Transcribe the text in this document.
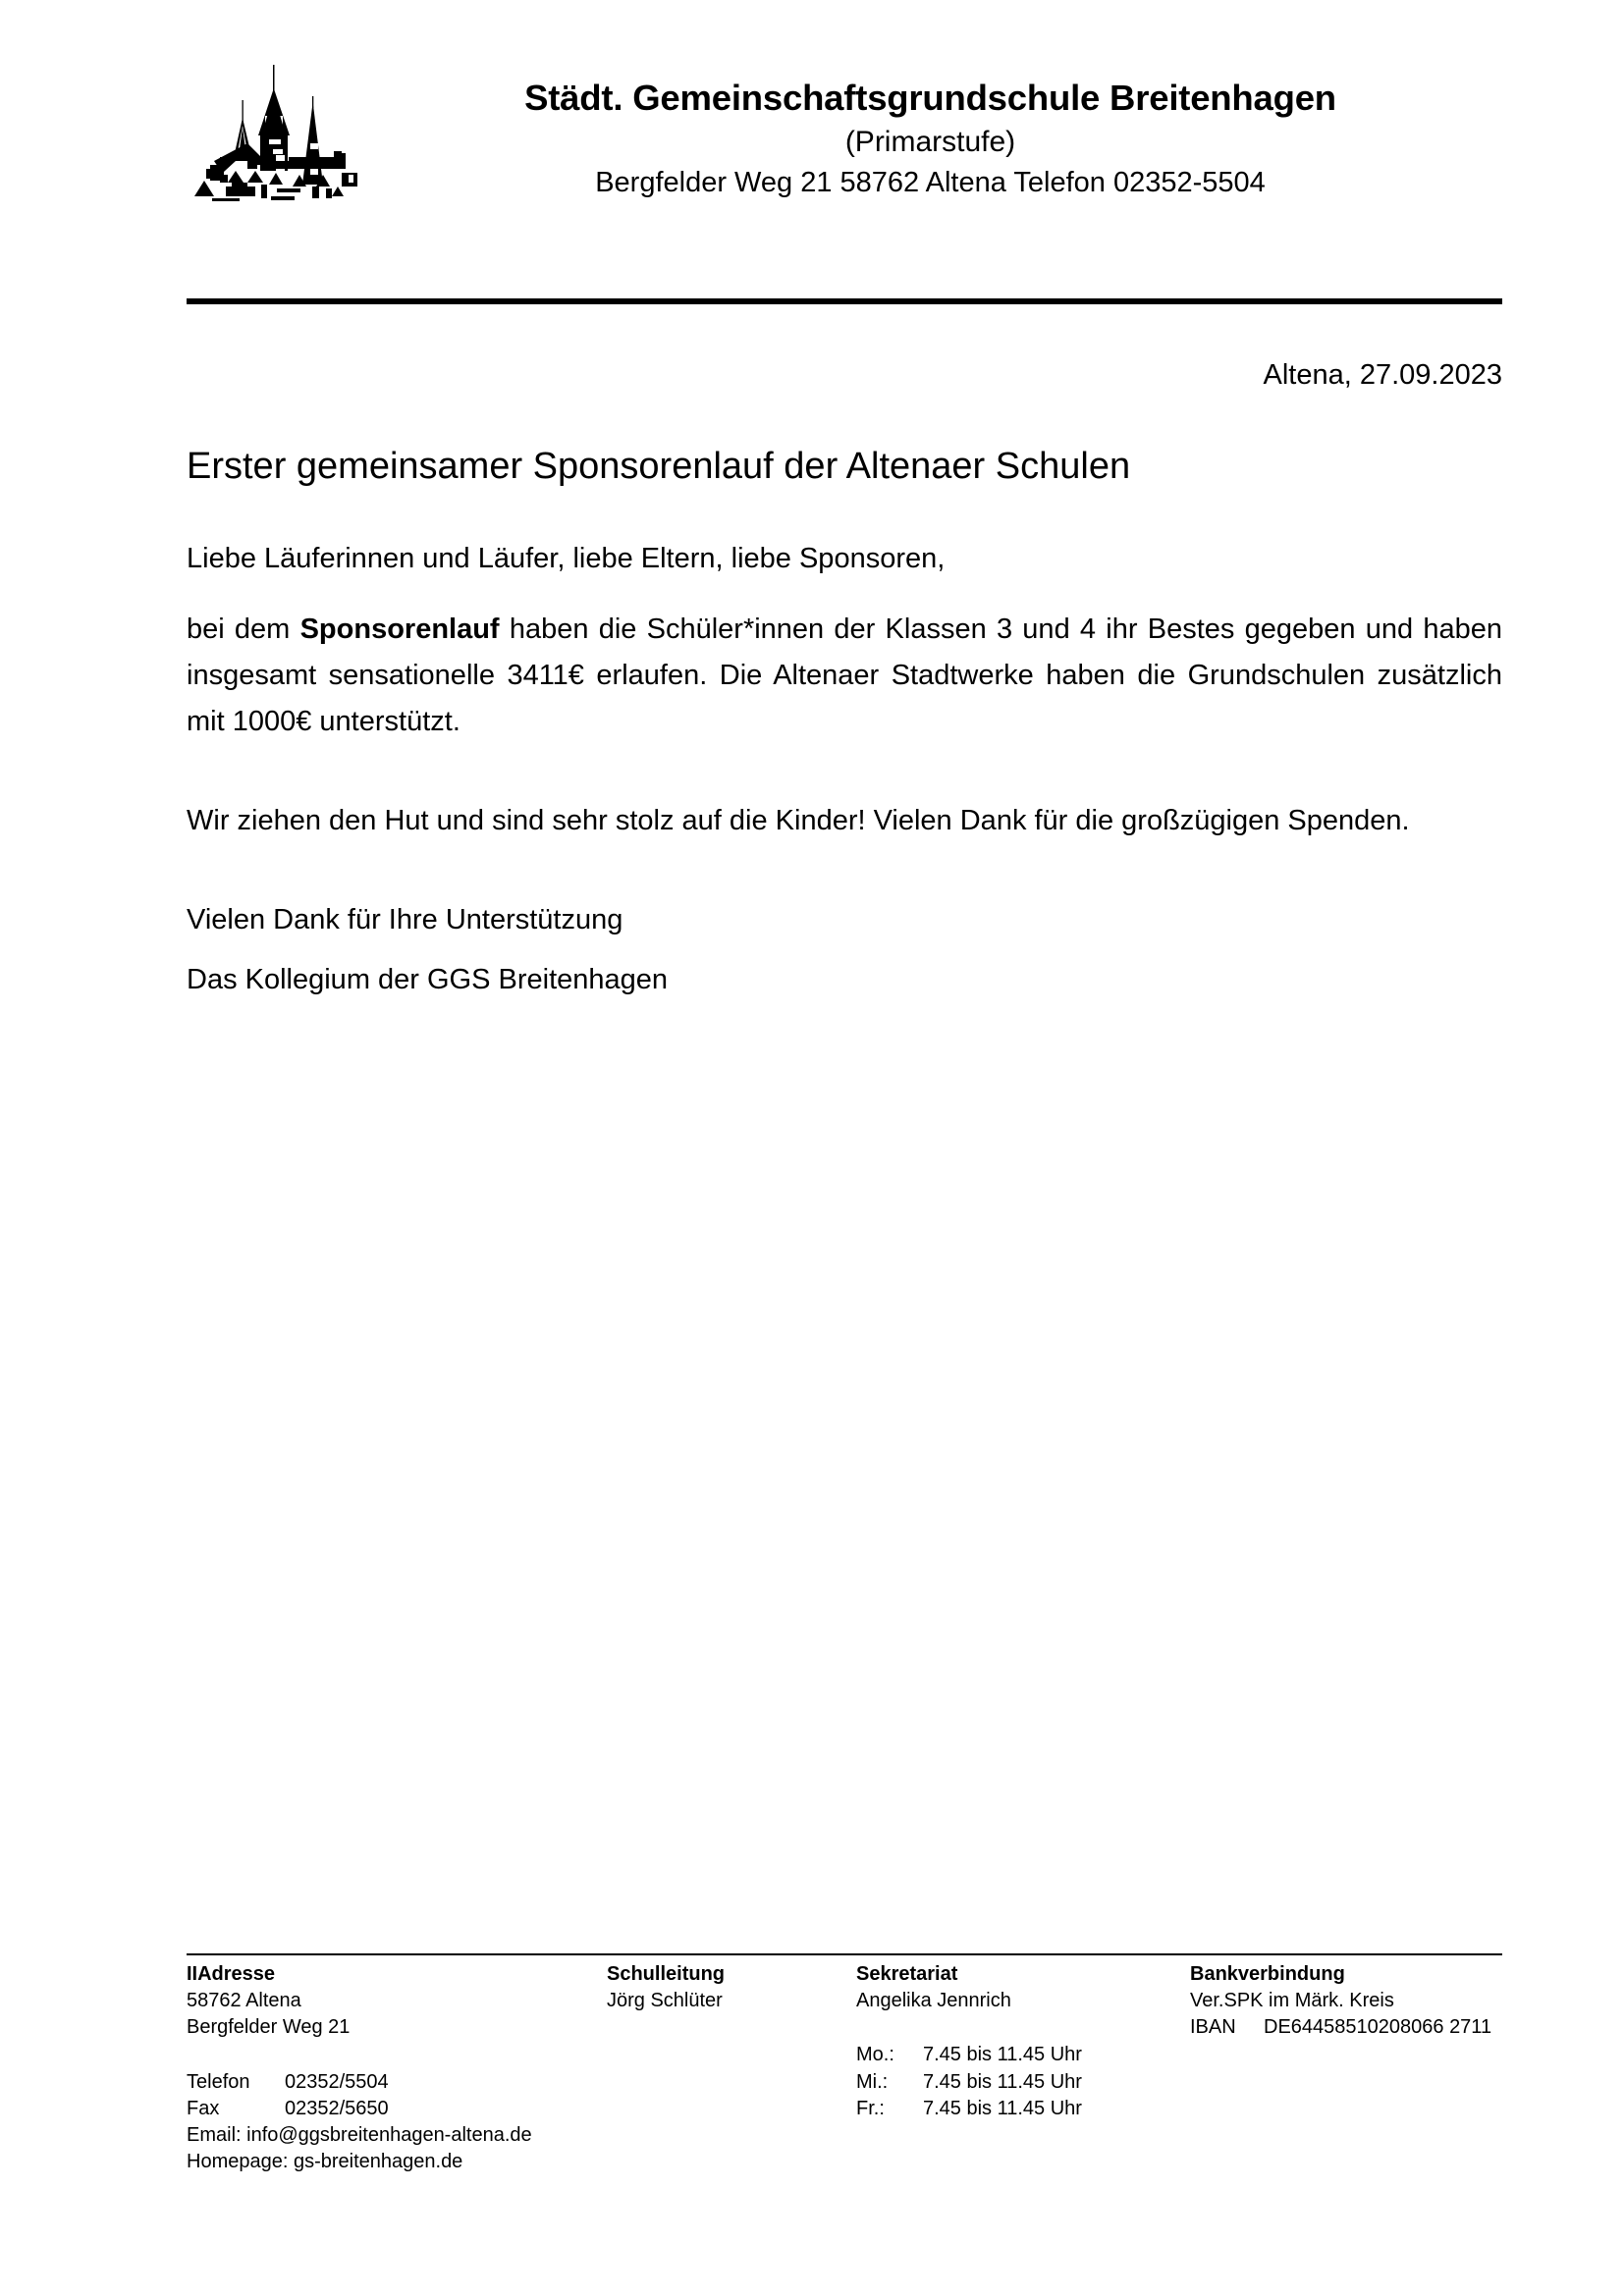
Städt. Gemeinschaftsgrundschule Breitenhagen
(Primarstufe)
Bergfelder Weg 21 58762 Altena Telefon 02352-5504
Altena, 27.09.2023
Erster gemeinsamer Sponsorenlauf der Altenaer Schulen

Liebe Läuferinnen und Läufer, liebe Eltern, liebe Sponsoren,

bei dem Sponsorenlauf haben die Schüler*innen der Klassen 3 und 4 ihr Bestes gegeben und haben insgesamt sensationelle 3411€ erlaufen. Die Altenaer Stadtwerke haben die Grundschulen zusätzlich mit 1000€ unterstützt.

Wir ziehen den Hut und sind sehr stolz auf die Kinder! Vielen Dank für die großzügigen Spenden.

Vielen Dank für Ihre Unterstützung

Das Kollegium der GGS Breitenhagen

IIAdresse
58762 Altena
Bergfelder Weg 21
Telefon	02352/5504
Fax	02352/5650
Email: info@ggsbreitenhagen-altena.de
Homepage: gs-breitenhagen.de
Schulleitung
Jörg Schlüter
Sekretariat
Angelika Jennrich
Mo.:	7.45 bis 11.45 Uhr
Mi.:	7.45 bis 11.45 Uhr
Fr.:	7.45 bis 11.45 Uhr
Bankverbindung
Ver.SPK im Märk. Kreis
IBAN	DE64458510208066 2711
